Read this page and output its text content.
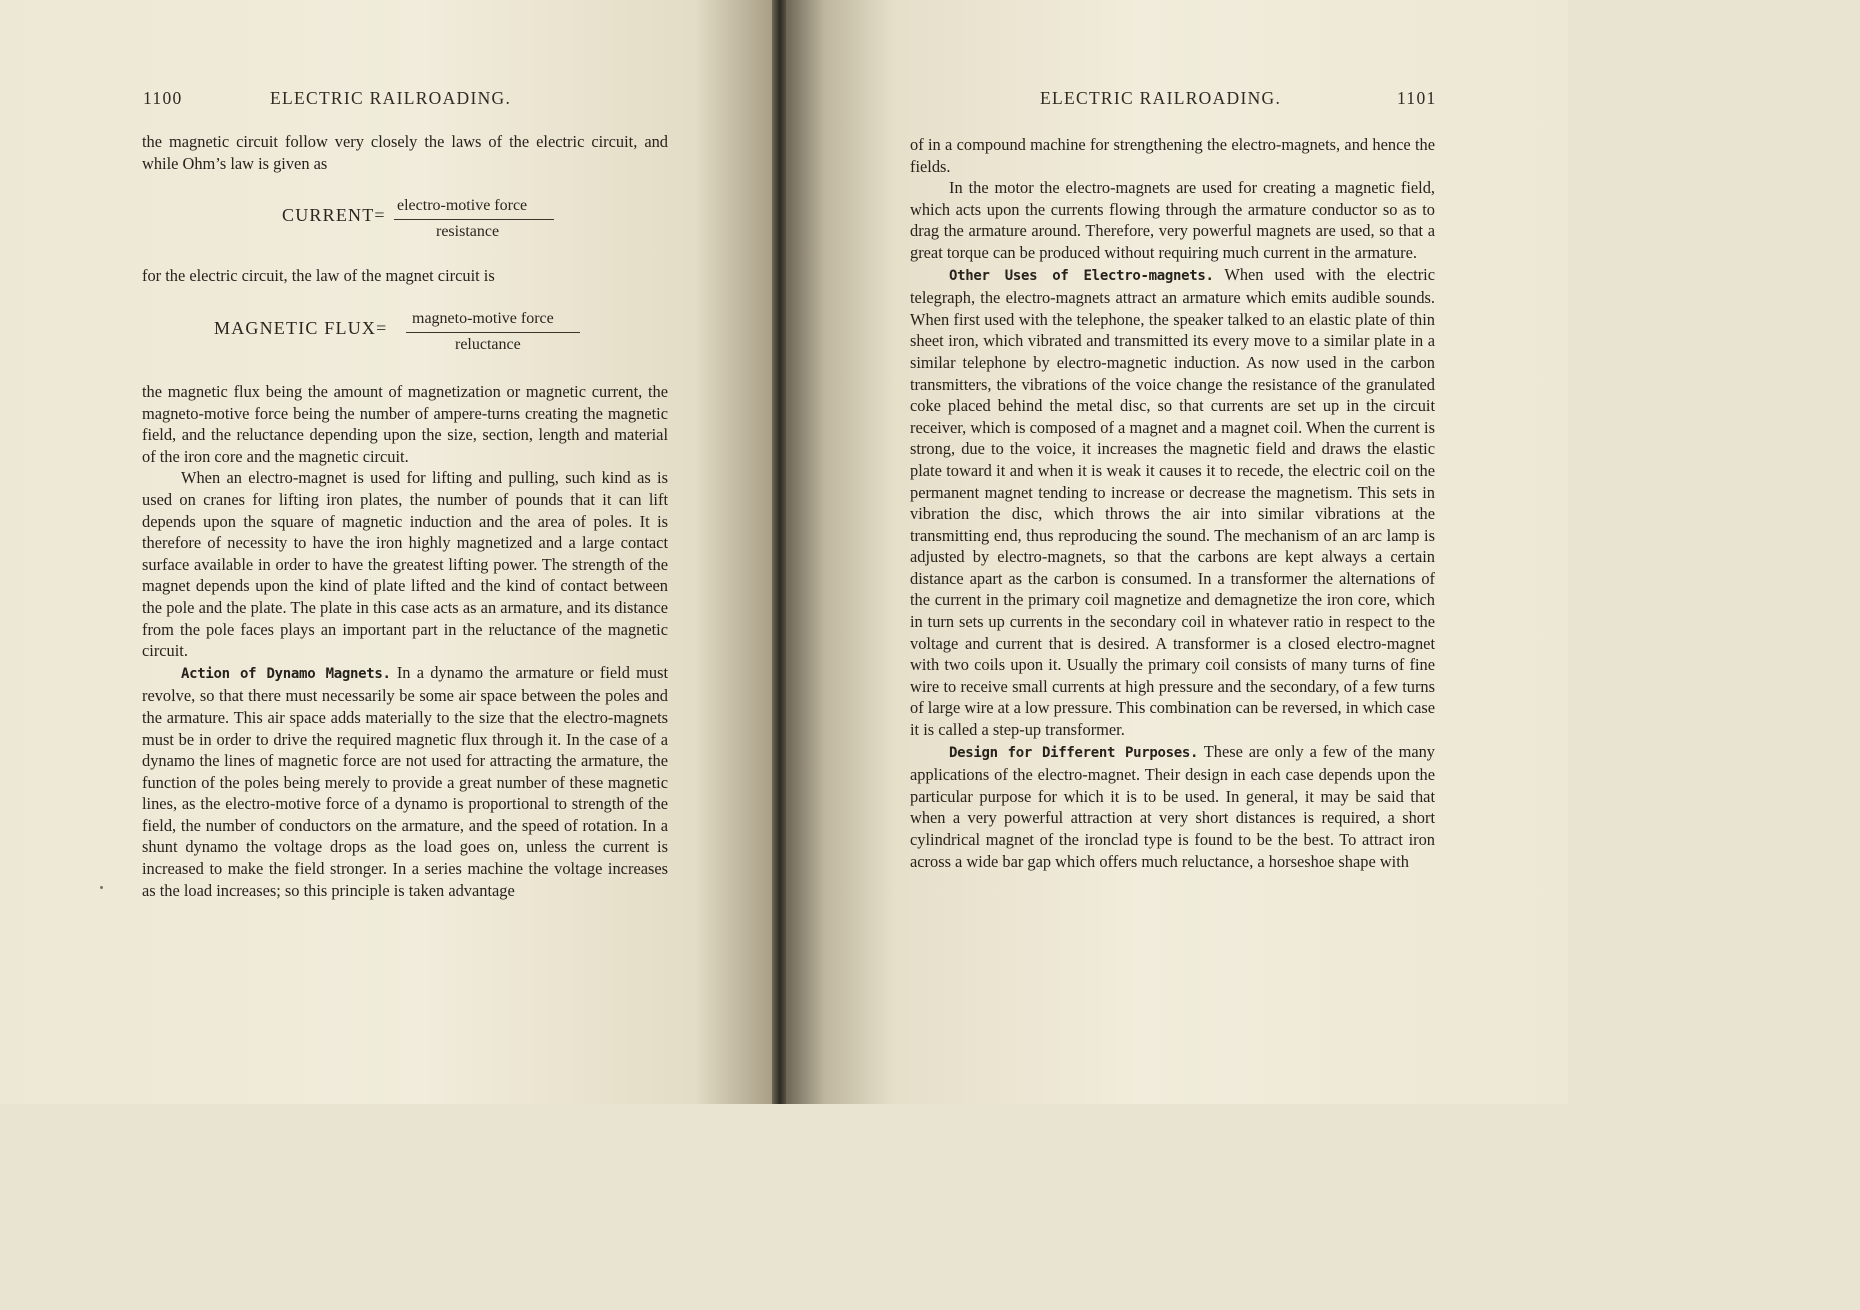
1100	ELECTRIC RAILROADING.

the magnetic circuit follow very closely the laws of the electric circuit, and while Ohm’s law is given as

CURRENT= electro-motive force
resistance

for the electric circuit, the law of the magnet circuit is

MAGNETIC FLUX= magneto-motive force
reluctance

the magnetic flux being the amount of magnetization or magnetic current, the magneto-motive force being the number of ampere-turns creating the magnetic field, and the reluctance depending upon the size, section, length and material of the iron core and the magnetic circuit.

When an electro-magnet is used for lifting and pulling, such kind as is used on cranes for lifting iron plates, the number of pounds that it can lift depends upon the square of magnetic induction and the area of poles. It is therefore of necessity to have the iron highly magnetized and a large contact surface available in order to have the greatest lifting power. The strength of the magnet depends upon the kind of plate lifted and the kind of contact between the pole and the plate. The plate in this case acts as an armature, and its distance from the pole faces plays an important part in the reluctance of the magnetic circuit.

Action of Dynamo Magnets. In a dynamo the armature or field must revolve, so that there must necessarily be some air space between the poles and the armature. This air space adds materially to the size that the electro-magnets must be in order to drive the required magnetic flux through it. In the case of a dynamo the lines of magnetic force are not used for attracting the armature, the function of the poles being merely to provide a great number of these magnetic lines, as the electro-motive force of a dynamo is proportional to strength of the field, the number of conductors on the armature, and the speed of rotation. In a shunt dynamo the voltage drops as the load goes on, unless the current is increased to make the field stronger. In a series machine the voltage increases as the load increases; so this principle is taken advantage

ELECTRIC RAILROADING.	1101

of in a compound machine for strengthening the electro-magnets, and hence the fields.

In the motor the electro-magnets are used for creating a magnetic field, which acts upon the currents flowing through the armature conductor so as to drag the armature around. Therefore, very powerful magnets are used, so that a great torque can be produced without requiring much current in the armature.

Other Uses of Electro-magnets. When used with the electric telegraph, the electro-magnets attract an armature which emits audible sounds. When first used with the telephone, the speaker talked to an elastic plate of thin sheet iron, which vibrated and transmitted its every move to a similar plate in a similar telephone by electro-magnetic induction. As now used in the carbon transmitters, the vibrations of the voice change the resistance of the granulated coke placed behind the metal disc, so that currents are set up in the circuit receiver, which is composed of a magnet and a magnet coil. When the current is strong, due to the voice, it increases the magnetic field and draws the elastic plate toward it and when it is weak it causes it to recede, the electric coil on the permanent magnet tending to increase or decrease the magnetism. This sets in vibration the disc, which throws the air into similar vibrations at the transmitting end, thus reproducing the sound. The mechanism of an arc lamp is adjusted by electro-magnets, so that the carbons are kept always a certain distance apart as the carbon is consumed. In a transformer the alternations of the current in the primary coil magnetize and demagnetize the iron core, which in turn sets up currents in the secondary coil in whatever ratio in respect to the voltage and current that is desired. A transformer is a closed electro-magnet with two coils upon it. Usually the primary coil consists of many turns of fine wire to receive small currents at high pressure and the secondary, of a few turns of large wire at a low pressure. This combination can be reversed, in which case it is called a step-up transformer.

Design for Different Purposes. These are only a few of the many applications of the electro-magnet. Their design in each case depends upon the particular purpose for which it is to be used. In general, it may be said that when a very powerful attraction at very short distances is required, a short cylindrical magnet of the ironclad type is found to be the best. To attract iron across a wide bar gap which offers much reluctance, a horseshoe shape with
